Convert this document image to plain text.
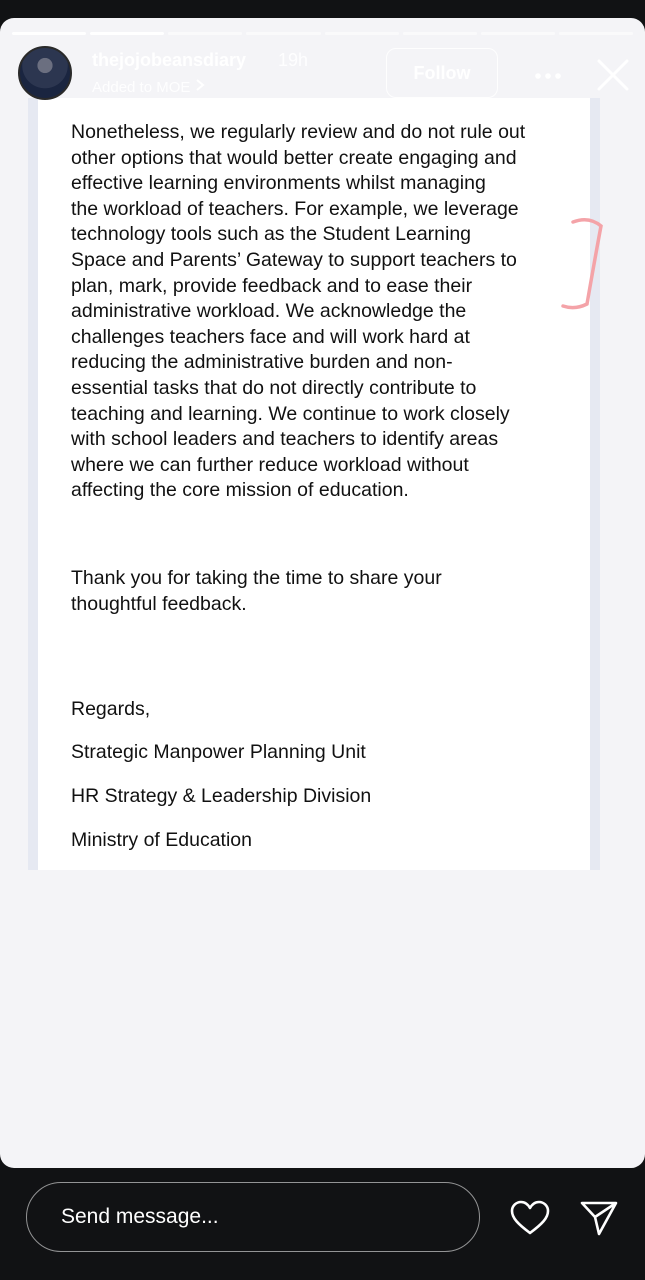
Nonetheless, we regularly review and do not rule out
other options that would better create engaging and
effective learning environments whilst managing
the workload of teachers. For example, we leverage
technology tools such as the Student Learning
Space and Parents’ Gateway to support teachers to
plan, mark, provide feedback and to ease their
administrative workload. We acknowledge the
challenges teachers face and will work hard at
reducing the administrative burden and non-
essential tasks that do not directly contribute to
teaching and learning. We continue to work closely
with school leaders and teachers to identify areas
where we can further reduce workload without
affecting the core mission of education.
Thank you for taking the time to share your
thoughtful feedback.
Regards,
Strategic Manpower Planning Unit
HR Strategy & Leadership Division
Ministry of Education
thejojobeansdiary 19h
Added to MOE
Follow
Send message...
